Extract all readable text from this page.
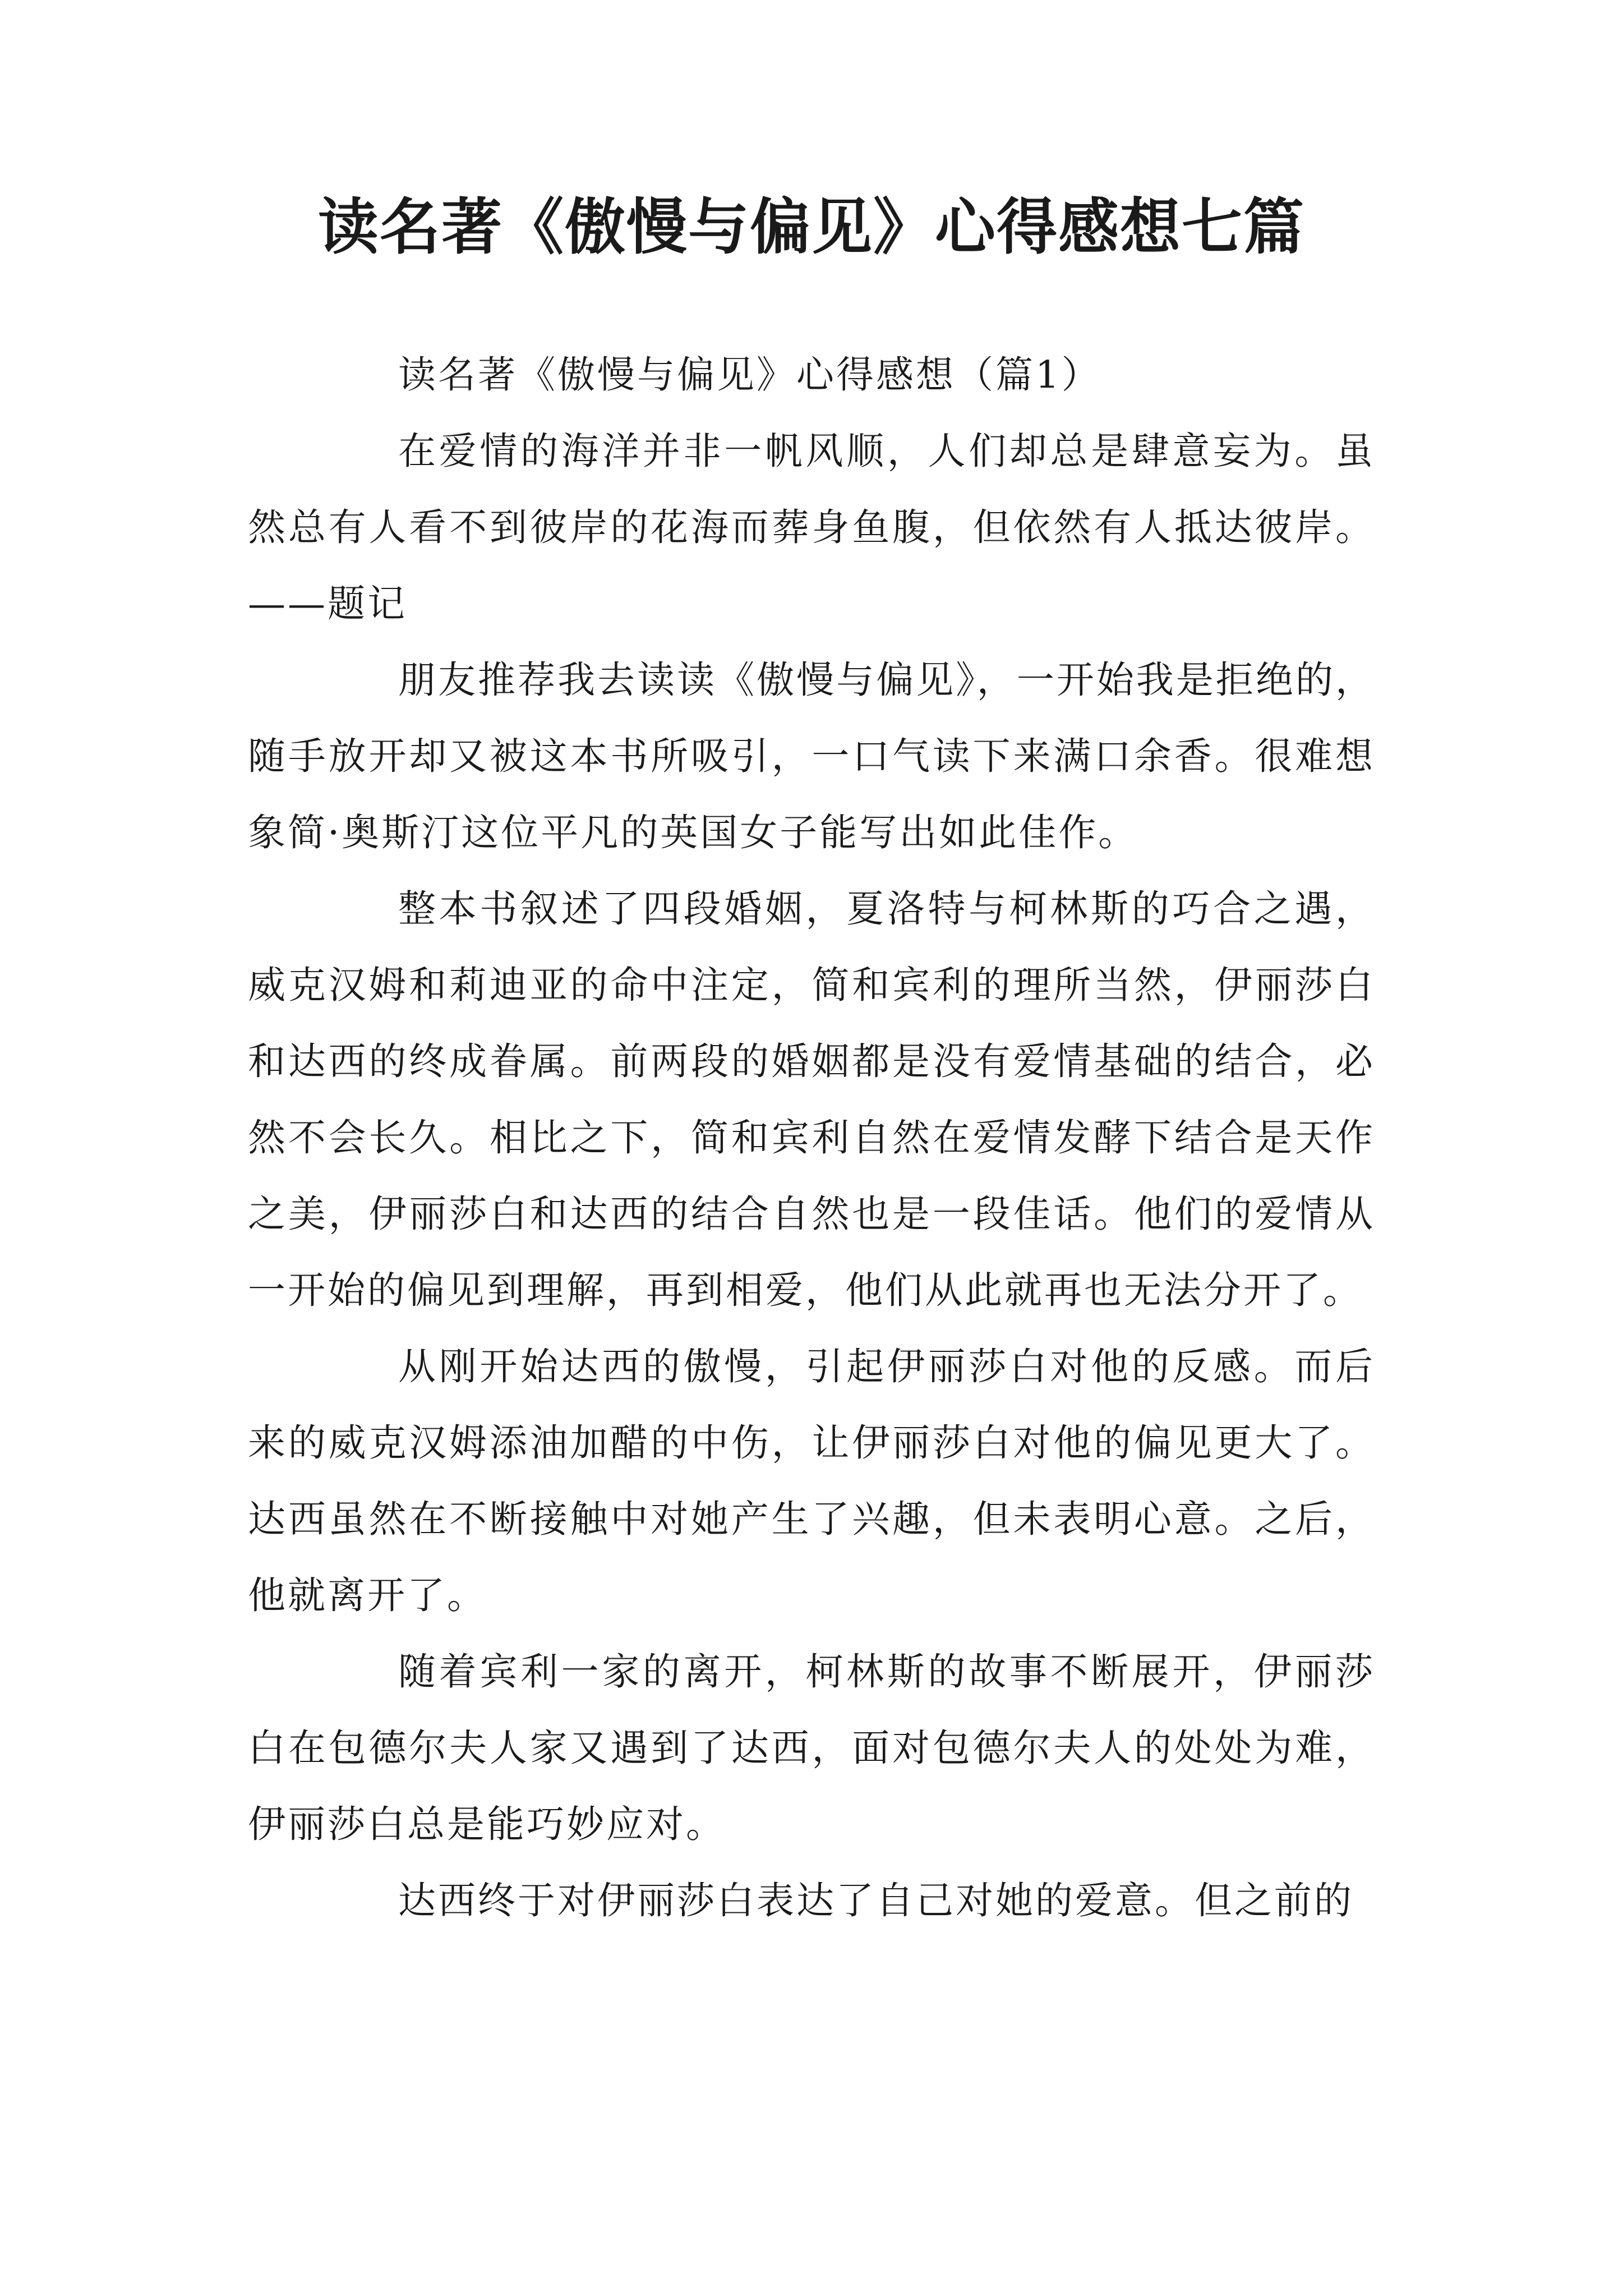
读名著《傲慢与偏见》心得感想七篇

读名著《傲慢与偏见》心得感想（篇1）

在爱情的海洋并非一帆风顺，人们却总是肆意妄为。虽然总有人看不到彼岸的花海而葬身鱼腹，但依然有人抵达彼岸。——题记

朋友推荐我去读读《傲慢与偏见》，一开始我是拒绝的，随手放开却又被这本书所吸引，一口气读下来满口余香。很难想象简·奥斯汀这位平凡的英国女子能写出如此佳作。

整本书叙述了四段婚姻，夏洛特与柯林斯的巧合之遇，威克汉姆和莉迪亚的命中注定，简和宾利的理所当然，伊丽莎白和达西的终成眷属。前两段的婚姻都是没有爱情基础的结合，必然不会长久。相比之下，简和宾利自然在爱情发酵下结合是天作之美，伊丽莎白和达西的结合自然也是一段佳话。他们的爱情从一开始的偏见到理解，再到相爱，他们从此就再也无法分开了。

从刚开始达西的傲慢，引起伊丽莎白对他的反感。而后来的威克汉姆添油加醋的中伤，让伊丽莎白对他的偏见更大了。达西虽然在不断接触中对她产生了兴趣，但未表明心意。之后，他就离开了。

随着宾利一家的离开，柯林斯的故事不断展开，伊丽莎白在包德尔夫人家又遇到了达西，面对包德尔夫人的处处为难，伊丽莎白总是能巧妙应对。

达西终于对伊丽莎白表达了自己对她的爱意。但之前的
